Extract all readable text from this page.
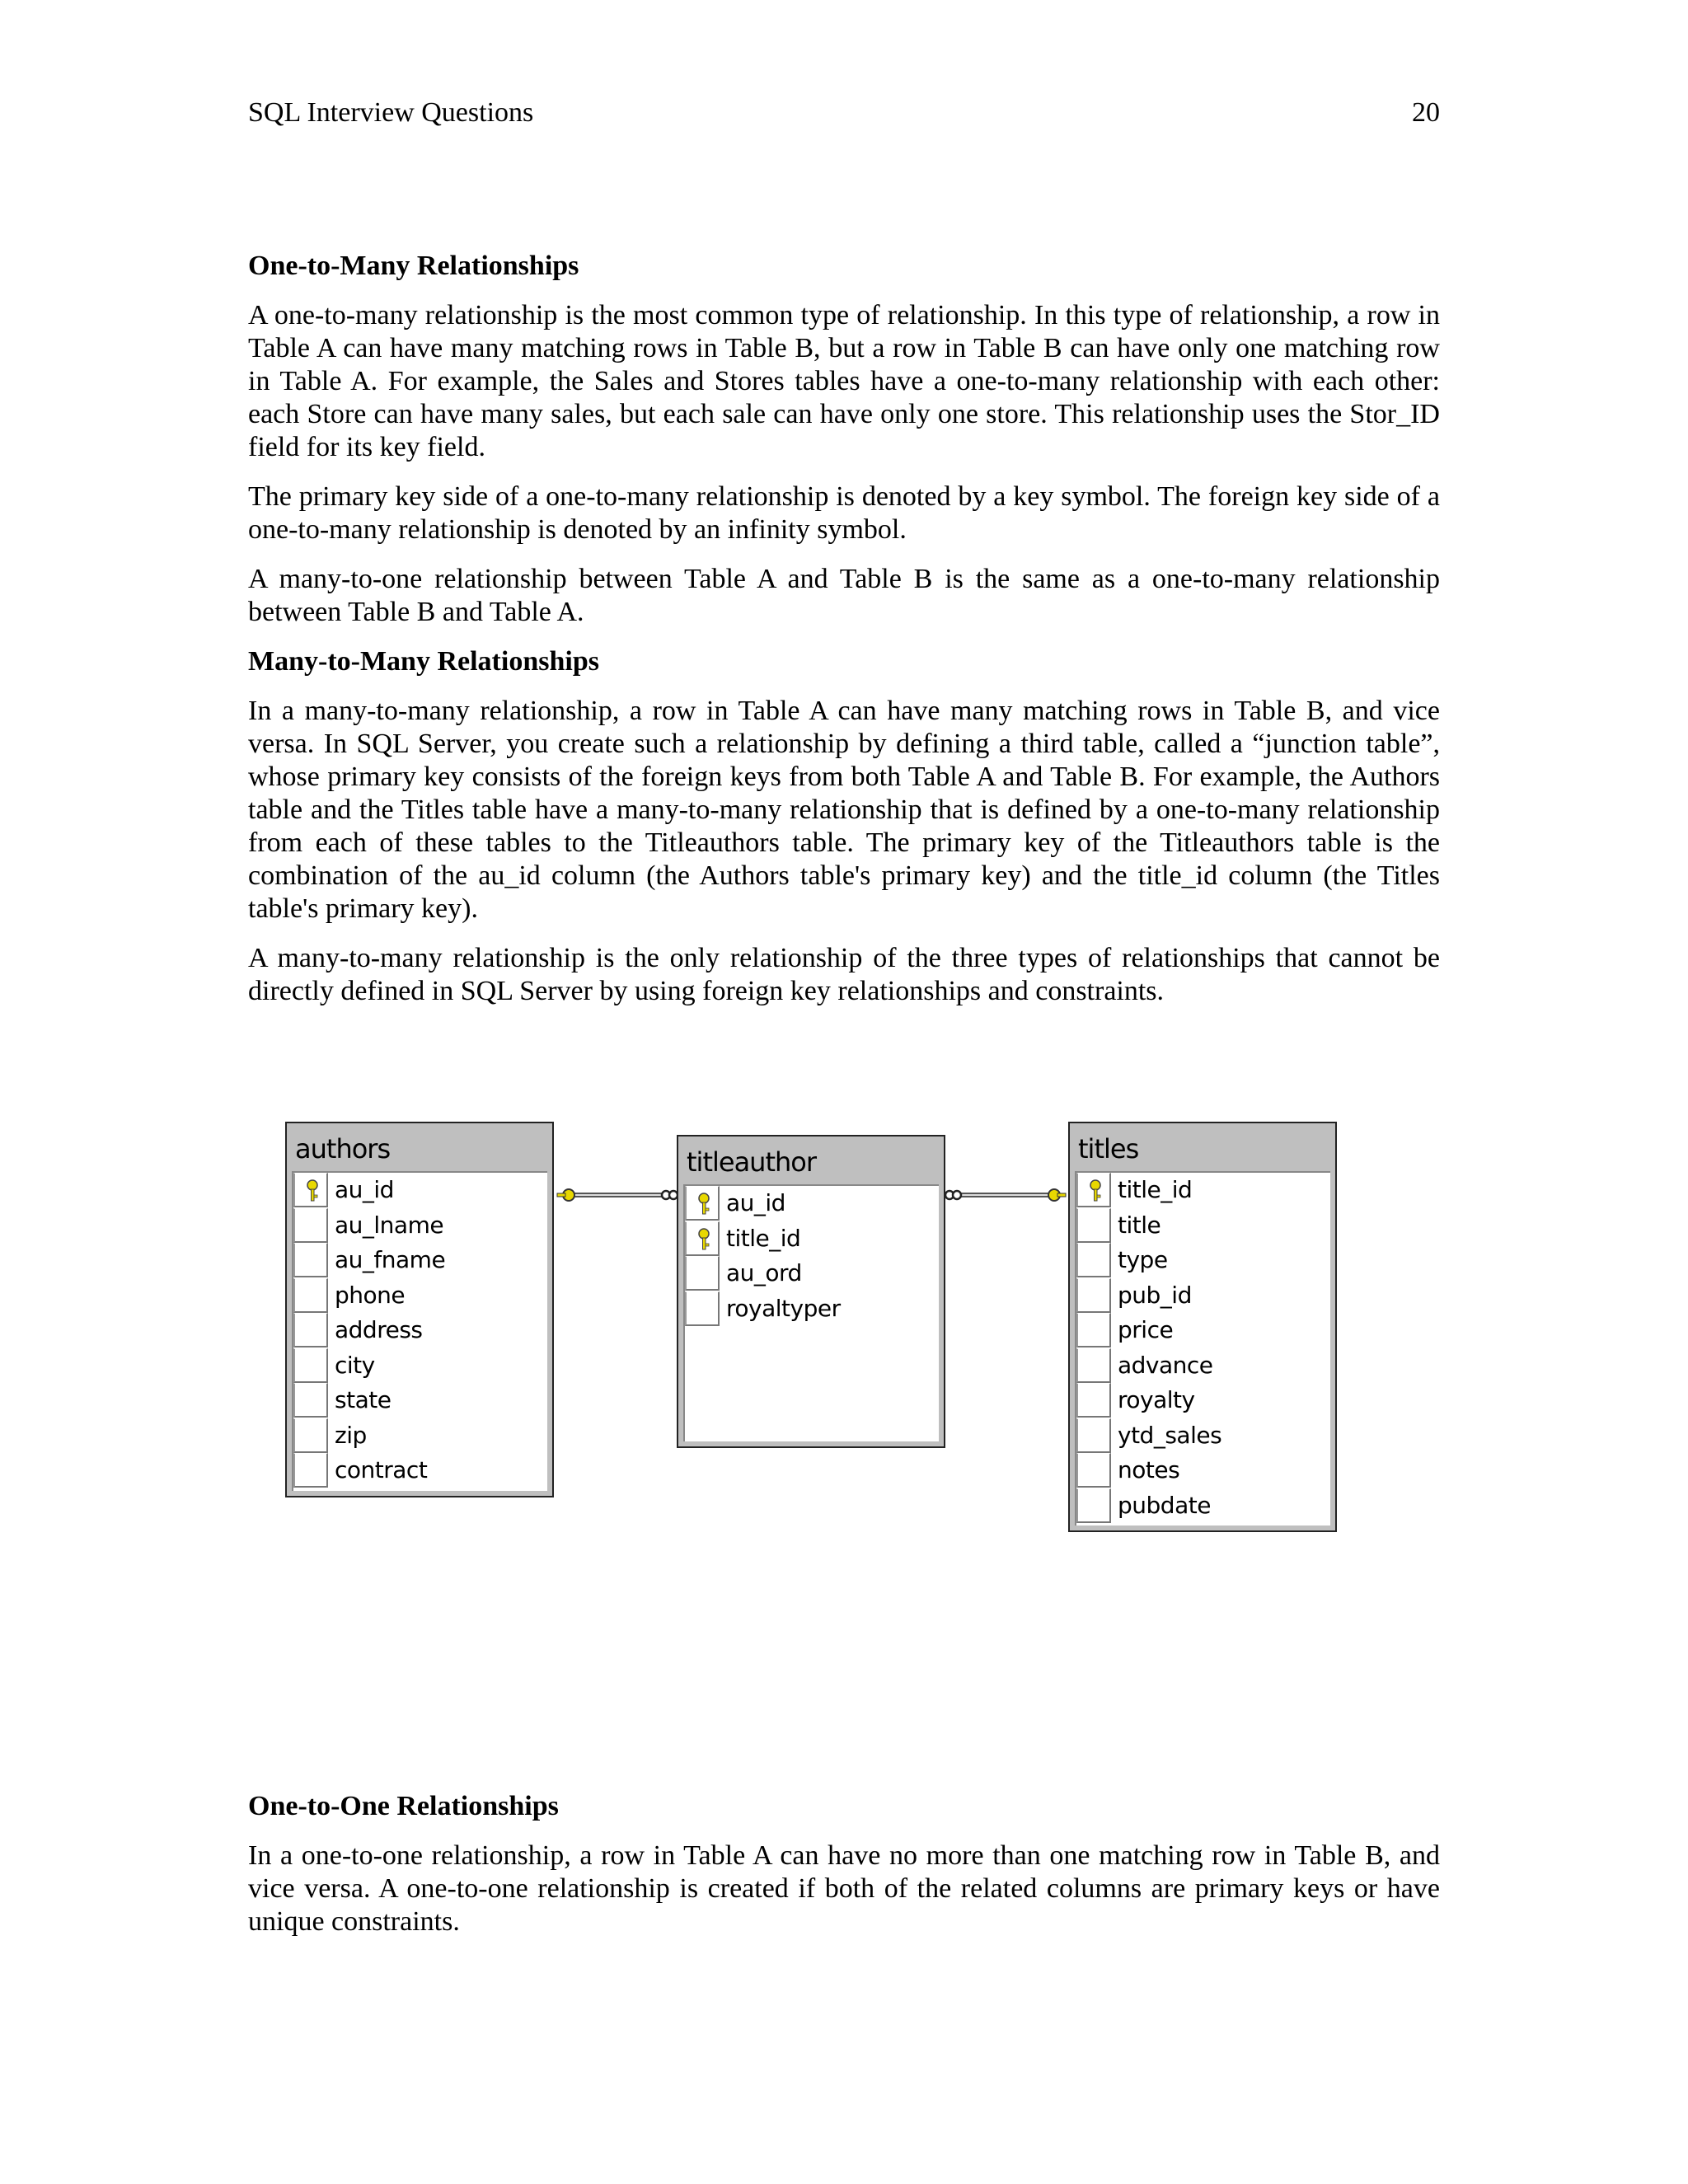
SQL Interview Questions	20
One-to-Many Relationships

A one-to-many relationship is the most common type of relationship. In this type of relationship, a row in Table A can have many matching rows in Table B, but a row in Table B can have only one matching row in Table A. For example, the Sales and Stores tables have a one-to-many relationship with each other: each Store can have many sales, but each sale can have only one store. This relationship uses the Stor_ID field for its key field.

The primary key side of a one-to-many relationship is denoted by a key symbol. The foreign key side of a one-to-many relationship is denoted by an infinity symbol.

A many-to-one relationship between Table A and Table B is the same as a one-to-many relationship between Table B and Table A.

Many-to-Many Relationships

In a many-to-many relationship, a row in Table A can have many matching rows in Table B, and vice versa. In SQL Server, you create such a relationship by defining a third table, called a “junction table”, whose primary key consists of the foreign keys from both Table A and Table B. For example, the Authors table and the Titles table have a many-to-many relationship that is defined by a one-to-many relationship from each of these tables to the Titleauthors table. The primary key of the Titleauthors table is the combination of the au_id column (the Authors table's primary key) and the title_id column (the Titles table's primary key).

A many-to-many relationship is the only relationship of the three types of relationships that cannot be directly defined in SQL Server by using foreign key relationships and constraints.

authors
au_id
au_lname
au_fname
phone
address
city
state
zip
contract
titleauthor
au_id
title_id
au_ord
royaltyper
titles
title_id
title
type
pub_id
price
advance
royalty
ytd_sales
notes
pubdate
One-to-One Relationships

In a one-to-one relationship, a row in Table A can have no more than one matching row in Table B, and vice versa. A one-to-one relationship is created if both of the related columns are primary keys or have unique constraints.
